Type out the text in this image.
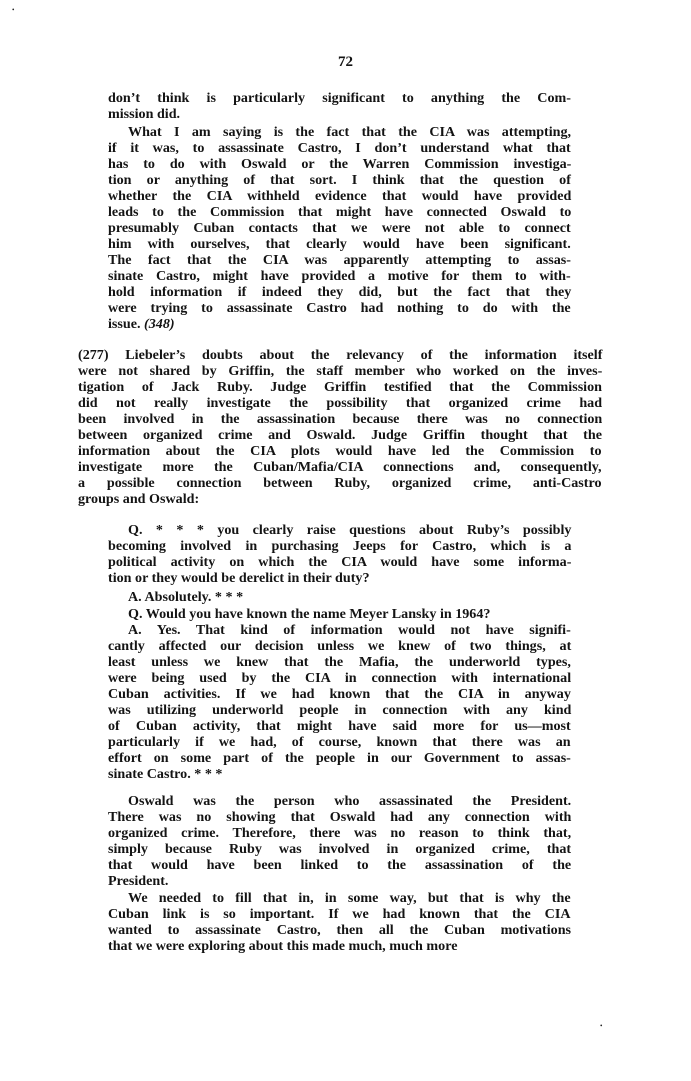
•
•
72
don’t think is particularly significant to anything the Com-
mission did.
What I am saying is the fact that the CIA was attempting,
if it was, to assassinate Castro, I don’t understand what that
has to do with Oswald or the Warren Commission investiga-
tion or anything of that sort. I think that the question of
whether the CIA withheld evidence that would have provided
leads to the Commission that might have connected Oswald to
presumably Cuban contacts that we were not able to connect
him with ourselves, that clearly would have been significant.
The fact that the CIA was apparently attempting to assas-
sinate Castro, might have provided a motive for them to with-
hold information if indeed they did, but the fact that they
were trying to assassinate Castro had nothing to do with the
issue. (348)
(277) Liebeler’s doubts about the relevancy of the information itself
were not shared by Griffin, the staff member who worked on the inves-
tigation of Jack Ruby. Judge Griffin testified that the Commission
did not really investigate the possibility that organized crime had
been involved in the assassination because there was no connection
between organized crime and Oswald. Judge Griffin thought that the
information about the CIA plots would have led the Commission to
investigate more the Cuban/Mafia/CIA connections and, consequently,
a possible connection between Ruby, organized crime, anti-Castro
groups and Oswald:
Q. * * * you clearly raise questions about Ruby’s possibly
becoming involved in purchasing Jeeps for Castro, which is a
political activity on which the CIA would have some informa-
tion or they would be derelict in their duty?
A. Absolutely. * * *
Q. Would you have known the name Meyer Lansky in 1964?
A. Yes. That kind of information would not have signifi-
cantly affected our decision unless we knew of two things, at
least unless we knew that the Mafia, the underworld types,
were being used by the CIA in connection with international
Cuban activities. If we had known that the CIA in anyway
was utilizing underworld people in connection with any kind
of Cuban activity, that might have said more for us—most
particularly if we had, of course, known that there was an
effort on some part of the people in our Government to assas-
sinate Castro. * * *
Oswald was the person who assassinated the President.
There was no showing that Oswald had any connection with
organized crime. Therefore, there was no reason to think that,
simply because Ruby was involved in organized crime, that
that would have been linked to the assassination of the
President.
We needed to fill that in, in some way, but that is why the
Cuban link is so important. If we had known that the CIA
wanted to assassinate Castro, then all the Cuban motivations
that we were exploring about this made much, much more
